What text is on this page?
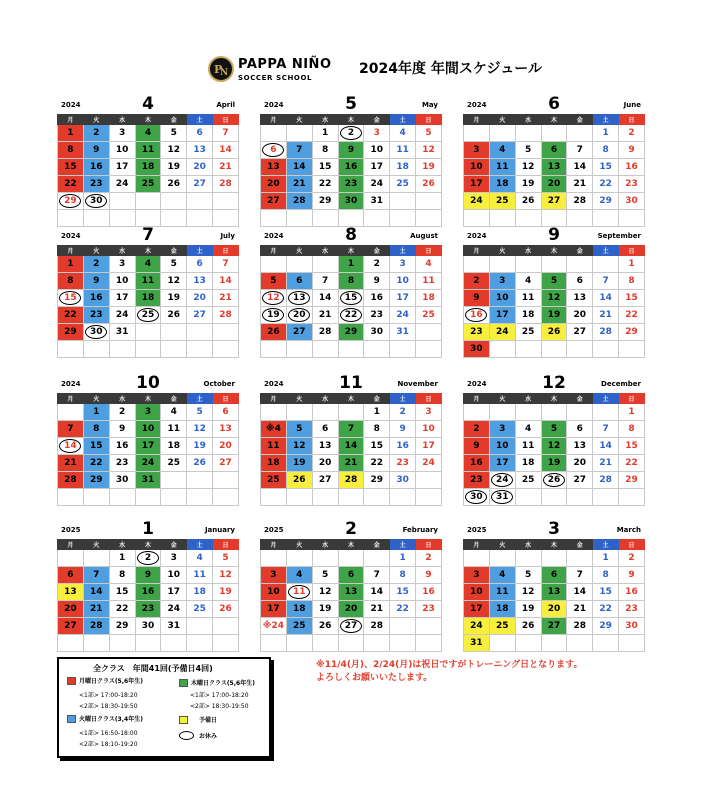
P
N
PAPPA NIÑO
SOCCER SCHOOL
2024年度 年間スケジュール
2024	4	April
月	火	水	木	金	土	日
1	2	3	4	5	6	7
8	9	10	11	12	13	14
15	16	17	18	19	20	21
22	23	24	25	26	27	28
29	30					

2024	5	May
月	火	水	木	金	土	日
		1	2	3	4	5
6	7	8	9	10	11	12
13	14	15	16	17	18	19
20	21	22	23	24	25	26
27	28	29	30	31		

2024	6	June
月	火	水	木	金	土	日
					1	2
3	4	5	6	7	8	9
10	11	12	13	14	15	16
17	18	19	20	21	22	23
24	25	26	27	28	29	30

2024	7	July
月	火	水	木	金	土	日
1	2	3	4	5	6	7
8	9	10	11	12	13	14
15	16	17	18	19	20	21
22	23	24	25	26	27	28
29	30	31				

2024	8	August
月	火	水	木	金	土	日
			1	2	3	4
5	6	7	8	9	10	11
12	13	14	15	16	17	18
19	20	21	22	23	24	25
26	27	28	29	30	31	

2024	9	September
月	火	水	木	金	土	日
						1
2	3	4	5	6	7	8
9	10	11	12	13	14	15
16	17	18	19	20	21	22
23	24	25	26	27	28	29
30						
2024	10	October
月	火	水	木	金	土	日
	1	2	3	4	5	6
7	8	9	10	11	12	13
14	15	16	17	18	19	20
21	22	23	24	25	26	27
28	29	30	31			

2024	11	November
月	火	水	木	金	土	日
				1	2	3
※4	5	6	7	8	9	10
11	12	13	14	15	16	17
18	19	20	21	22	23	24
25	26	27	28	29	30	

2024	12	December
月	火	水	木	金	土	日
						1
2	3	4	5	6	7	8
9	10	11	12	13	14	15
16	17	18	19	20	21	22
23	24	25	26	27	28	29
30	31					
2025	1	January
月	火	水	木	金	土	日
		1	2	3	4	5
6	7	8	9	10	11	12
13	14	15	16	17	18	19
20	21	22	23	24	25	26
27	28	29	30	31		

2025	2	February
月	火	水	木	金	土	日
					1	2
3	4	5	6	7	8	9
10	11	12	13	14	15	16
17	18	19	20	21	22	23
※24	25	26	27	28		

2025	3	March
月	火	水	木	金	土	日
					1	2
3	4	5	6	7	8	9
10	11	12	13	14	15	16
17	18	19	20	21	22	23
24	25	26	27	28	29	30
31						
全クラス　年間41回(予備日4回)
月曜日クラス(5,6年生)
<1部> 17:00-18:20
<2部> 18:30-19:50
木曜日クラス(5,6年生)
<1部> 17:00-18:20
<2部> 18:30-19:50
火曜日クラス(3,4年生)
<1部> 16:50-18:00
<2部> 18:10-19:20
予備日
お休み
※11/4(月)、2/24(月)は祝日ですがトレーニング日となります。
よろしくお願いいたします。
